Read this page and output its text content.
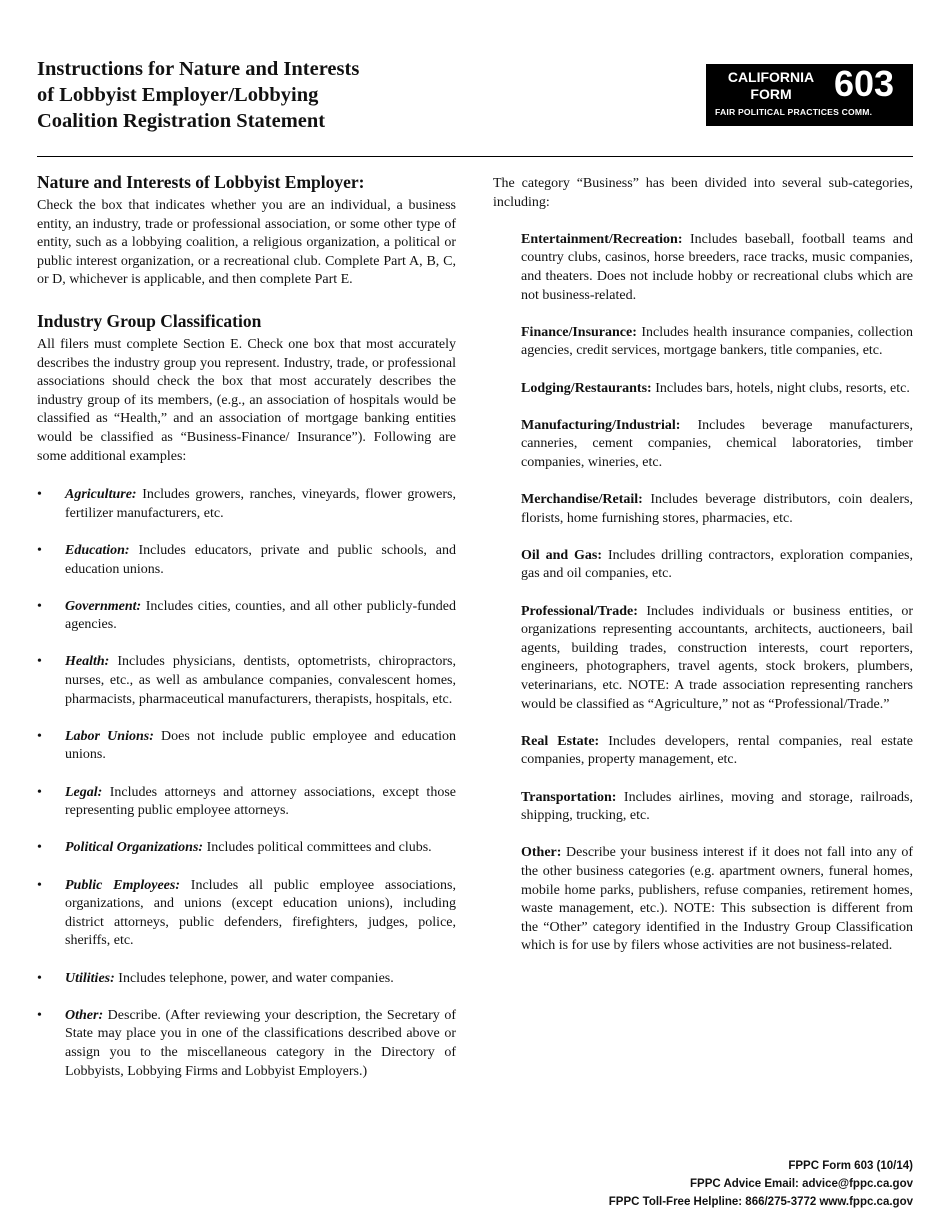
Instructions for Nature and Interests
of Lobbyist Employer/Lobbying
Coalition Registration Statement
CALIFORNIA
FORM	603
FAIR POLITICAL PRACTICES COMM.
Nature and Interests of Lobbyist Employer:

Check the box that indicates whether you are an individual, a business entity, an industry, trade or professional association, or some other type of entity, such as a lobbying coalition, a religious organization, a political or public interest organization, or a recreational club. Complete Part A, B, C, or D, whichever is applicable, and then complete Part E.

Industry Group Classification

All filers must complete Section E. Check one box that most accurately describes the industry group you represent. Industry, trade, or professional associations should check the box that most accurately describes the industry group of its members, (e.g., an association of hospitals would be classified as “Health,” and an association of mortgage banking entities would be classified as “Business-Finance/ Insurance”). Following are some additional examples:

• Agriculture: Includes growers, ranches, vineyards, flower growers, fertilizer manufacturers, etc.
• Education: Includes educators, private and public schools, and education unions.
• Government: Includes cities, counties, and all other publicly-funded agencies.
• Health: Includes physicians, dentists, optometrists, chiropractors, nurses, etc., as well as ambulance companies, convalescent homes, pharmacists, pharmaceutical manufacturers, therapists, hospitals, etc.
• Labor Unions: Does not include public employee and education unions.
• Legal: Includes attorneys and attorney associations, except those representing public employee attorneys.
• Political Organizations: Includes political committees and clubs.
• Public Employees: Includes all public employee associations, organizations, and unions (except education unions), including district attorneys, public defenders, firefighters, judges, police, sheriffs, etc.
• Utilities: Includes telephone, power, and water companies.
• Other: Describe. (After reviewing your description, the Secretary of State may place you in one of the classifications described above or assign you to the miscellaneous category in the Directory of Lobbyists, Lobbying Firms and Lobbyist Employers.)

The category “Business” has been divided into several sub-categories, including:

Entertainment/Recreation: Includes baseball, football teams and country clubs, casinos, horse breeders, race tracks, music companies, and theaters. Does not include hobby or recreational clubs which are not business-related.
Finance/Insurance: Includes health insurance companies, collection agencies, credit services, mortgage bankers, title companies, etc.
Lodging/Restaurants: Includes bars, hotels, night clubs, resorts, etc.
Manufacturing/Industrial: Includes beverage manufacturers, canneries, cement companies, chemical laboratories, timber companies, wineries, etc.
Merchandise/Retail: Includes beverage distributors, coin dealers, florists, home furnishing stores, pharmacies, etc.
Oil and Gas: Includes drilling contractors, exploration companies, gas and oil companies, etc.
Professional/Trade: Includes individuals or business entities, or organizations representing accountants, architects, auctioneers, bail agents, building trades, construction interests, court reporters, engineers, photographers, travel agents, stock brokers, plumbers, veterinarians, etc. NOTE: A trade association representing ranchers would be classified as “Agriculture,” not as “Professional/Trade.”
Real Estate: Includes developers, rental companies, real estate companies, property management, etc.
Transportation: Includes airlines, moving and storage, railroads, shipping, trucking, etc.
Other: Describe your business interest if it does not fall into any of the other business categories (e.g. apartment owners, funeral homes, mobile home parks, publishers, refuse companies, retirement homes, waste management, etc.). NOTE: This subsection is different from the “Other” category identified in the Industry Group Classification which is for use by filers whose activities are not business-related.
FPPC Form 603 (10/14)
FPPC Advice Email: advice@fppc.ca.gov
FPPC Toll-Free Helpline: 866/275-3772 www.fppc.ca.gov
